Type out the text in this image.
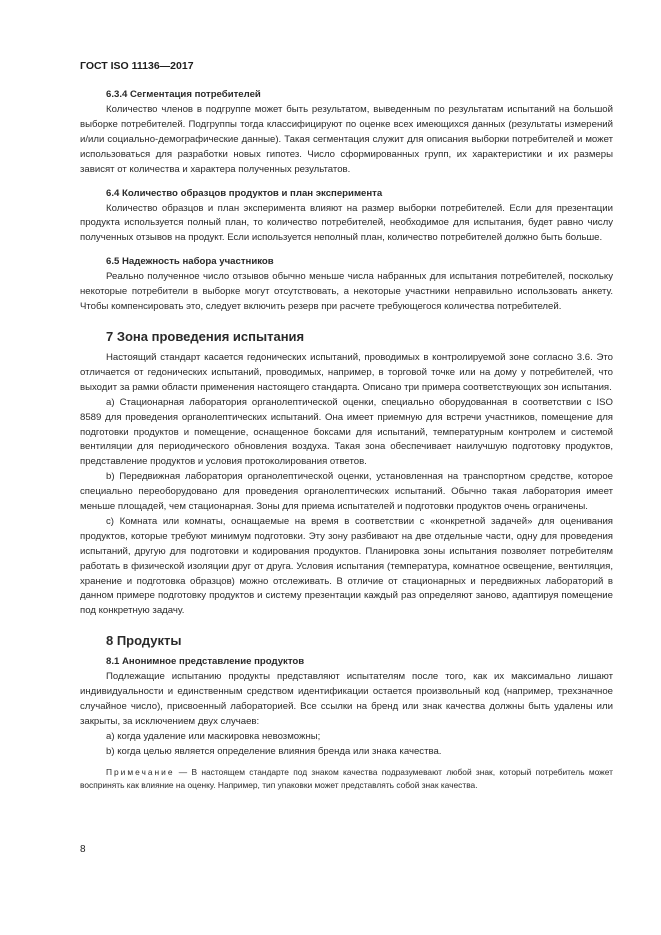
ГОСТ ISO 11136—2017
6.3.4 Сегментация потребителей

Количество членов в подгруппе может быть результатом, выведенным по результатам испытаний на большой выборке потребителей. Подгруппы тогда классифицируют по оценке всех имеющихся данных (результаты измерений и/или социально-демографические данные). Такая сегментация служит для описания выборки потребителей и может использоваться для разработки новых гипотез. Число сформированных групп, их характеристики и их размеры зависят от количества и характера полученных результатов.

6.4 Количество образцов продуктов и план эксперимента

Количество образцов и план эксперимента влияют на размер выборки потребителей. Если для презентации продукта используется полный план, то количество потребителей, необходимое для испытания, будет равно числу полученных отзывов на продукт. Если используется неполный план, количество потребителей должно быть больше.

6.5 Надежность набора участников

Реально полученное число отзывов обычно меньше числа набранных для испытания потребителей, поскольку некоторые потребители в выборке могут отсутствовать, а некоторые участники неправильно использовать анкету. Чтобы компенсировать это, следует включить резерв при расчете требующегося количества потребителей.

7 Зона проведения испытания

Настоящий стандарт касается гедонических испытаний, проводимых в контролируемой зоне согласно 3.6. Это отличается от гедонических испытаний, проводимых, например, в торговой точке или на дому у потребителей, что выходит за рамки области применения настоящего стандарта. Описано три примера соответствующих зон испытания.

а) Стационарная лаборатория органолептической оценки, специально оборудованная в соответствии с ISO 8589 для проведения органолептических испытаний. Она имеет приемную для встречи участников, помещение для подготовки продуктов и помещение, оснащенное боксами для испытаний, температурным контролем и системой вентиляции для периодического обновления воздуха. Такая зона обеспечивает наилучшую подготовку продуктов, представление продуктов и условия протоколирования ответов.

b) Передвижная лаборатория органолептической оценки, установленная на транспортном средстве, которое специально переоборудовано для проведения органолептических испытаний. Обычно такая лаборатория имеет меньше площадей, чем стационарная. Зоны для приема испытателей и подготовки продуктов очень ограничены.

с) Комната или комнаты, оснащаемые на время в соответствии с «конкретной задачей» для оценивания продуктов, которые требуют минимум подготовки. Эту зону разбивают на две отдельные части, одну для проведения испытаний, другую для подготовки и кодирования продуктов. Планировка зоны испытания позволяет потребителям работать в физической изоляции друг от друга. Условия испытания (температура, комнатное освещение, вентиляция, хранение и подготовка образцов) можно отслеживать. В отличие от стационарных и передвижных лабораторий в данном примере подготовку продуктов и систему презентации каждый раз определяют заново, адаптируя помещение под конкретную задачу.

8 Продукты
8.1 Анонимное представление продуктов

Подлежащие испытанию продукты представляют испытателям после того, как их максимально лишают индивидуальности и единственным средством идентификации остается произвольный код (например, трехзначное случайное число), присвоенный лабораторией. Все ссылки на бренд или знак качества должны быть удалены или закрыты, за исключением двух случаев:

а) когда удаление или маскировка невозможны;

b) когда целью является определение влияния бренда или знака качества.

Примечание — В настоящем стандарте под знаком качества подразумевают любой знак, который потребитель может воспринять как влияние на оценку. Например, тип упаковки может представлять собой знак качества.

8
